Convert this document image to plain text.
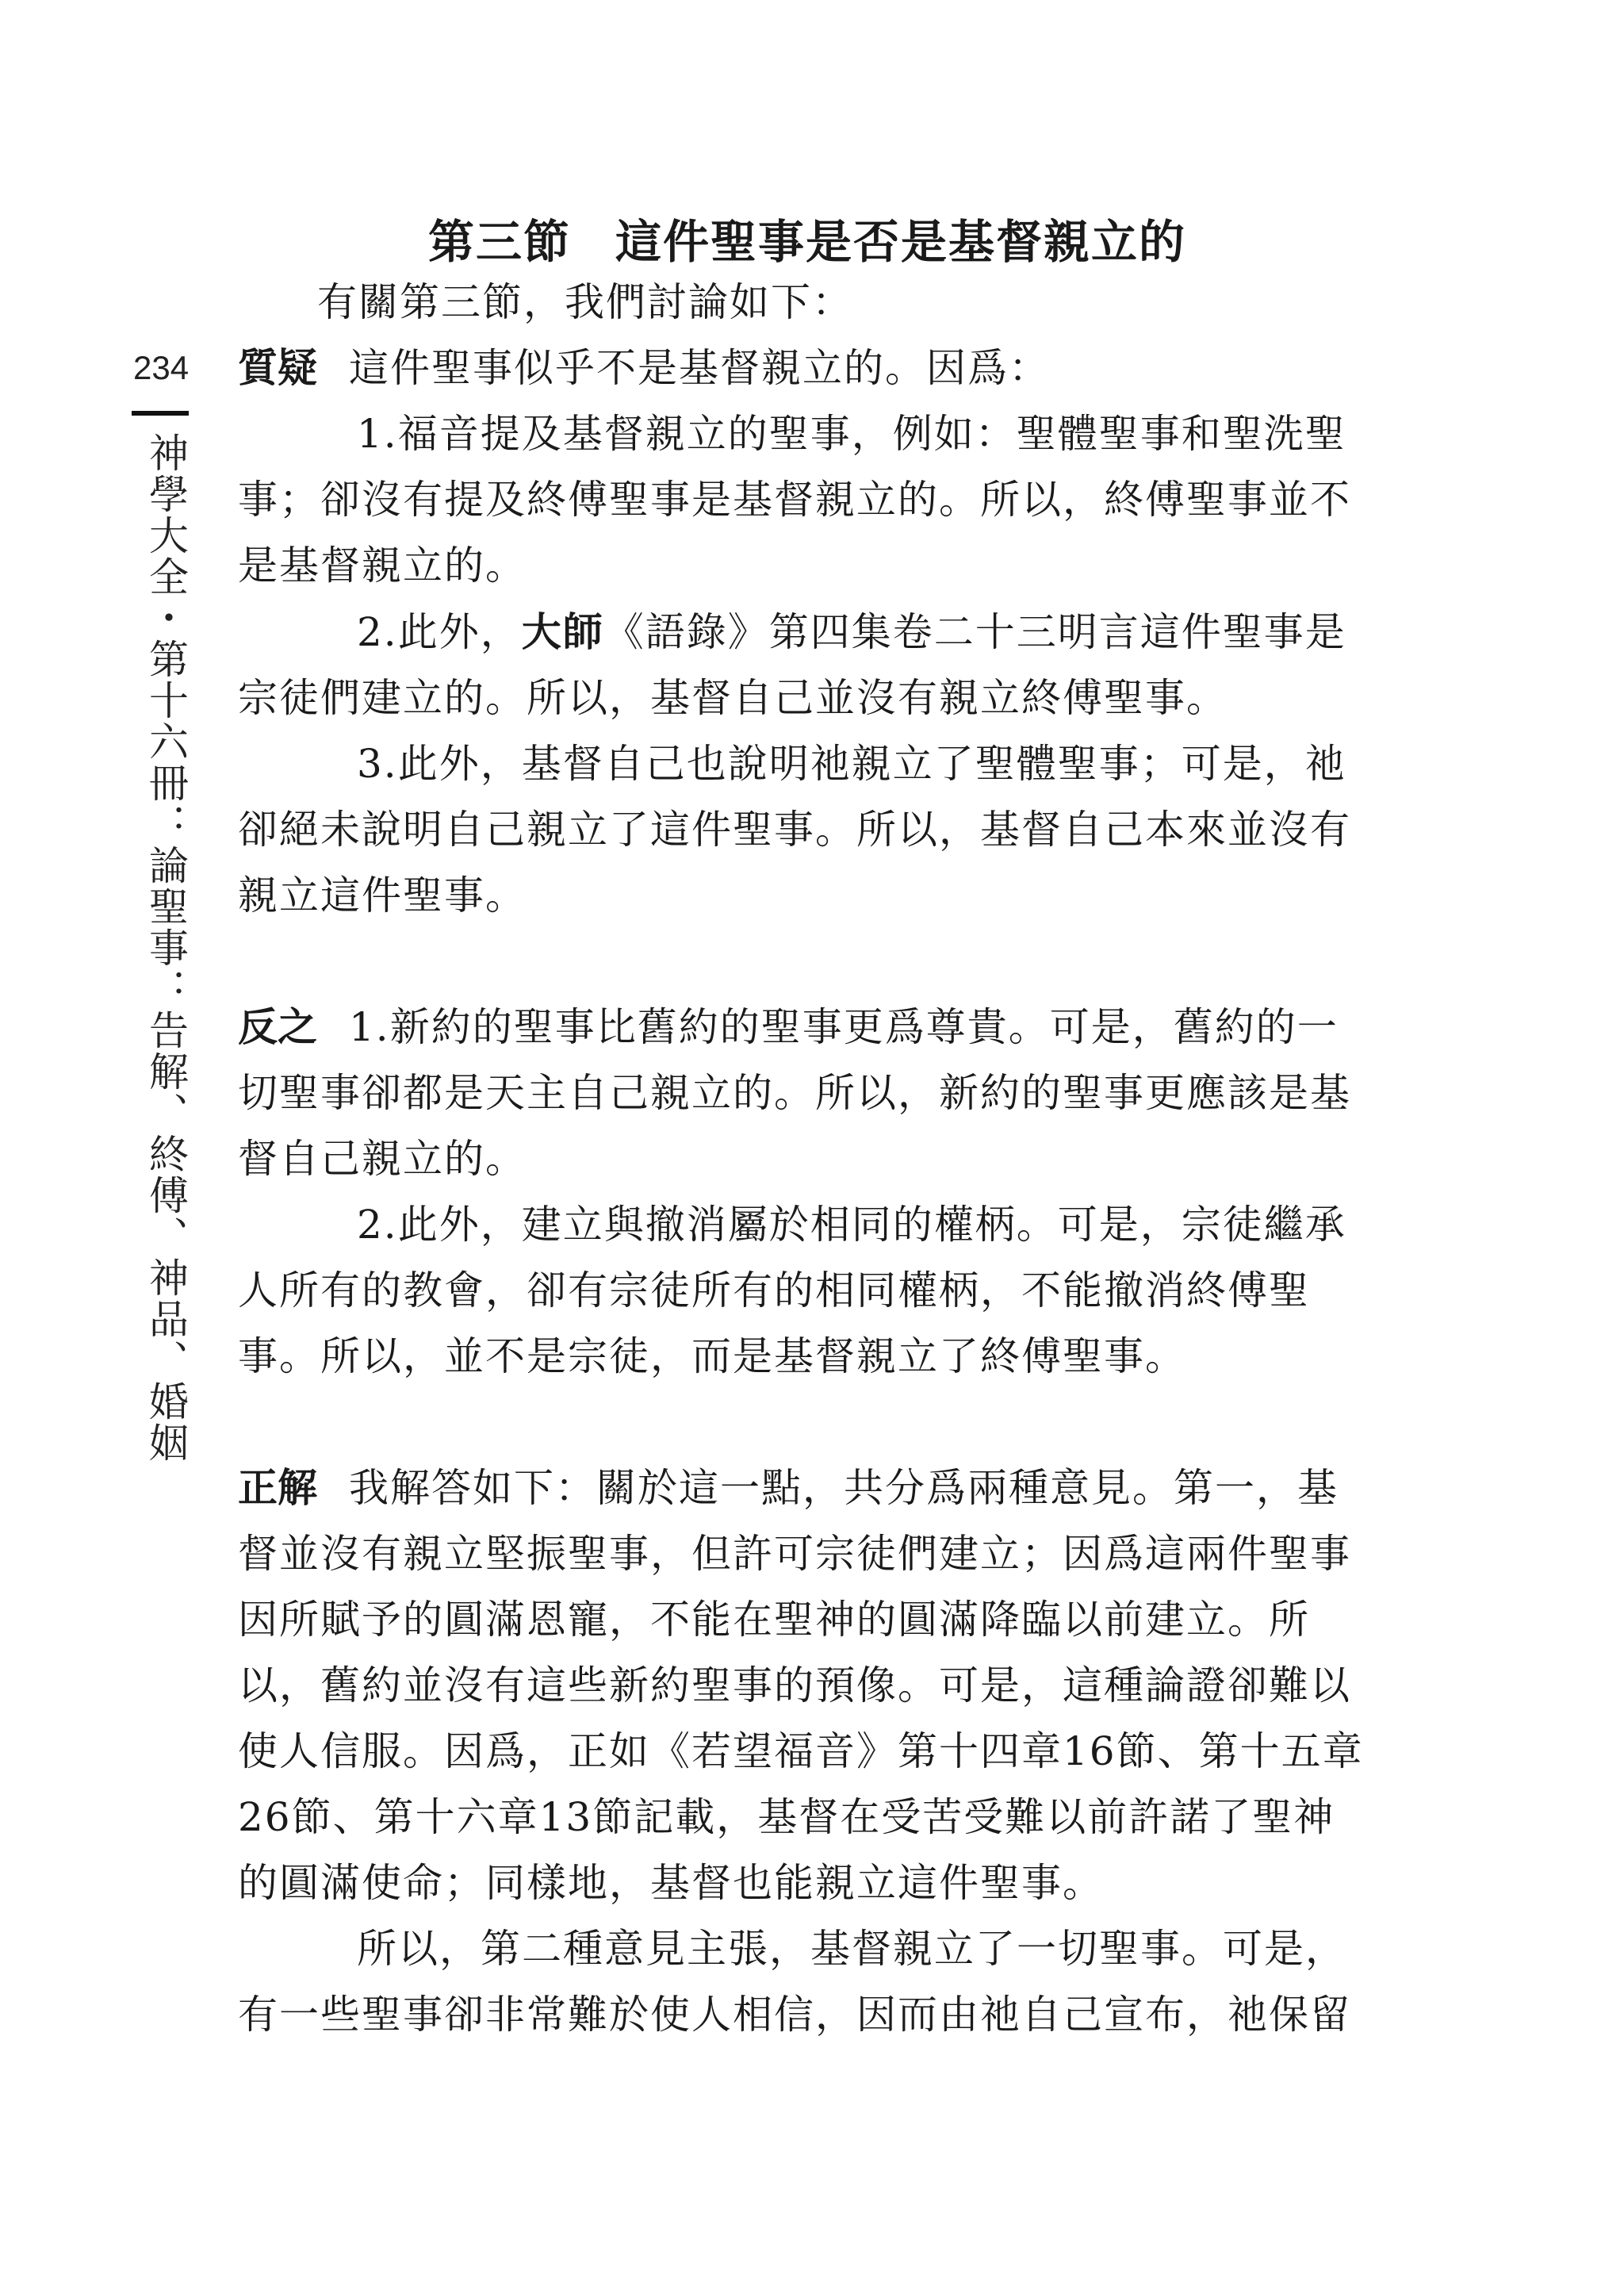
第三節 這件聖事是否是基督親立的
234
神學大全・第十六冊：論聖事：告解、終傅、神品、婚姻

有關第三節，我們討論如下：

質疑 這件聖事似乎不是基督親立的。因爲：

1.福音提及基督親立的聖事，例如：聖體聖事和聖洗聖事；卻沒有提及終傅聖事是基督親立的。所以，終傅聖事並不是基督親立的。

2.此外，大師《語錄》第四集卷二十三明言這件聖事是宗徒們建立的。所以，基督自己並沒有親立終傅聖事。

3.此外，基督自己也說明祂親立了聖體聖事；可是，祂卻絕未說明自己親立了這件聖事。所以，基督自己本來並沒有親立這件聖事。

反之 1.新約的聖事比舊約的聖事更爲尊貴。可是，舊約的一切聖事卻都是天主自己親立的。所以，新約的聖事更應該是基督自己親立的。

2.此外，建立與撤消屬於相同的權柄。可是，宗徒繼承人所有的教會，卻有宗徒所有的相同權柄，不能撤消終傅聖事。所以，並不是宗徒，而是基督親立了終傅聖事。

正解 我解答如下：關於這一點，共分爲兩種意見。第一，基督並沒有親立堅振聖事，但許可宗徒們建立；因爲這兩件聖事因所賦予的圓滿恩寵，不能在聖神的圓滿降臨以前建立。所以，舊約並沒有這些新約聖事的預像。可是，這種論證卻難以使人信服。因爲，正如《若望福音》第十四章16節、第十五章26節、第十六章13節記載，基督在受苦受難以前許諾了聖神的圓滿使命；同樣地，基督也能親立這件聖事。

所以，第二種意見主張，基督親立了一切聖事。可是，有一些聖事卻非常難於使人相信，因而由祂自己宣布，祂保留
